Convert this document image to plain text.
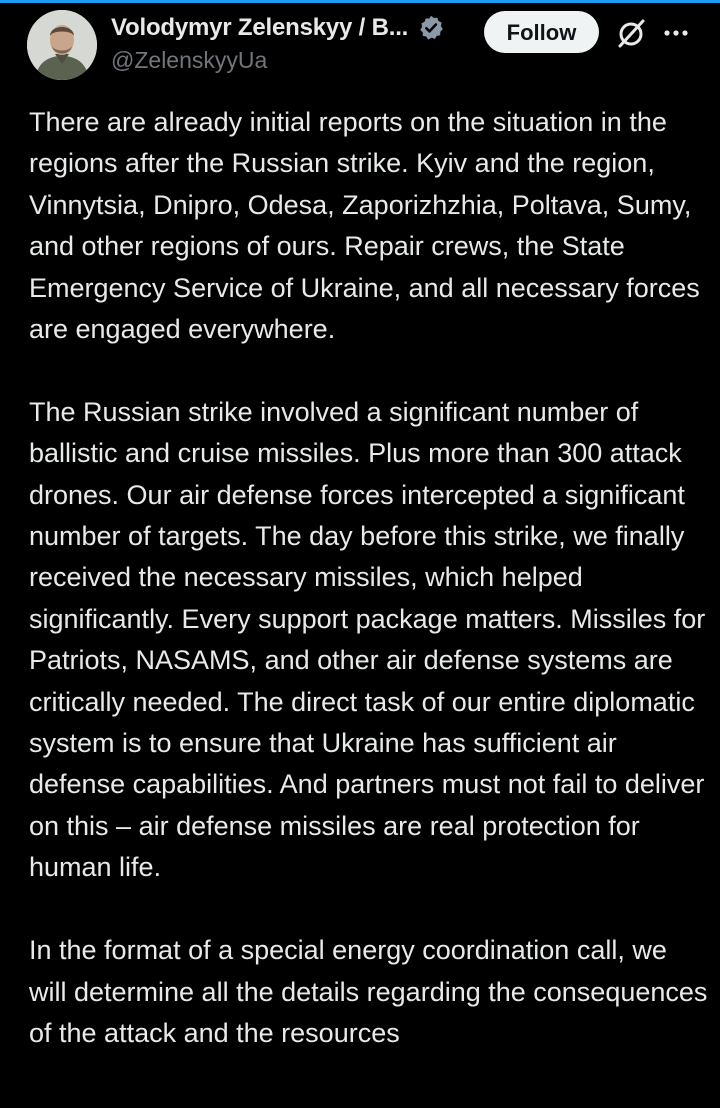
Volodymyr Zelenskyy / B...
@ZelenskyyUa
Follow

There are already initial reports on the situation in the regions after the Russian strike. Kyiv and the region, Vinnytsia, Dnipro, Odesa, Zaporizhzhia, Poltava, Sumy, and other regions of ours. Repair crews, the State Emergency Service of Ukraine, and all necessary forces are engaged everywhere.

The Russian strike involved a significant number of ballistic and cruise missiles. Plus more than 300 attack drones. Our air defense forces intercepted a significant number of targets. The day before this strike, we finally received the necessary missiles, which helped significantly. Every support package matters. Missiles for Patriots, NASAMS, and other air defense systems are critically needed. The direct task of our entire diplomatic system is to ensure that Ukraine has sufficient air defense capabilities. And partners must not fail to deliver on this – air defense missiles are real protection for human life.

In the format of a special energy coordination call, we will determine all the details regarding the consequences of the attack and the resources
